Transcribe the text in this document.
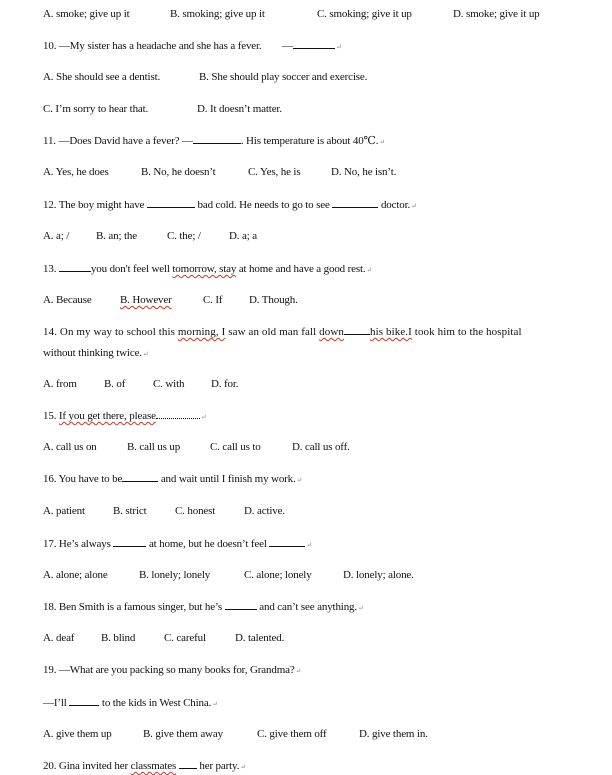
A. smoke; give up it	B. smoking; give up it	C. smoking; give it up	D. smoke; give it up
10. —My sister has a headache and she has a fever. —	↵
A. She should see a dentist.	B. She should play soccer and exercise.
C. I’m sorry to hear that.	D. It doesn’t matter.
11. —Does David have a fever? —	. His temperature is about 40℃.↵
A. Yes, he does	B. No, he doesn’t	C. Yes, he is	D. No, he isn’t.
12. The boy might have	bad cold. He needs to go to see	doctor.↵
A. a; / B. an; the	C. the; /	D. a; a
13.	you don't feel well tomorrow, stay at home and have a good rest.↵
A. Because	B. However	C. If D. Though.
14. On my way to school this morning, I saw an old man fall down his bike.I took him to the hospital
without thinking twice.↵
A. from B. of	C. with D. for.
15. If you get there, please	↵
A. call us on	B. call us up	C. call us to	D. call us off.
16. You have to be	and wait until I finish my work.↵
A. patient	B. strict	C. honest	D. active.
17. He’s always	at home, but he doesn’t feel	↵
A. alone; alone	B. lonely; lonely	C. alone; lonely	D. lonely; alone.
18. Ben Smith is a famous singer, but he’s	and can’t see anything.↵
A. deaf B. blind	C. careful	D. talented.
19. —What are you packing so many books for, Grandma?↵
—I’ll	to the kids in West China.↵
A. give them up	B. give them away	C. give them off	D. give them in.
20. Gina invited her classmates her party.↵
